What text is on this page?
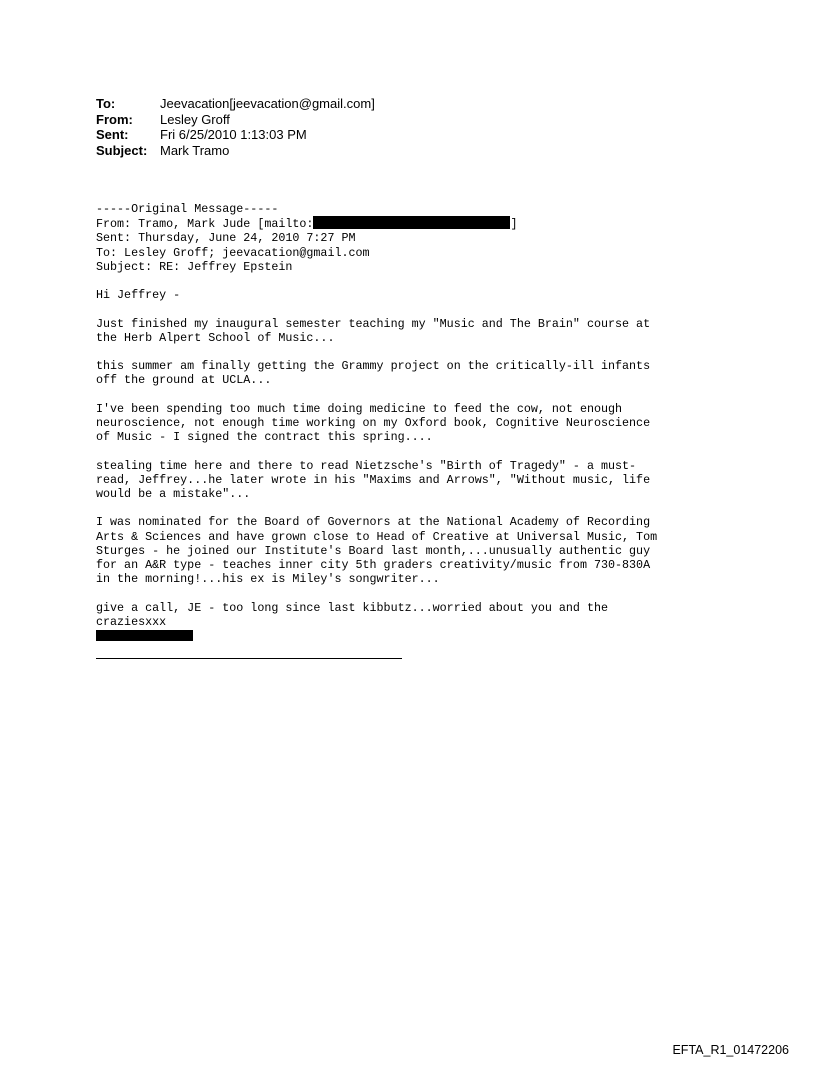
To:	Jeevacation[jeevacation@gmail.com]
From:	Lesley Groff
Sent:	Fri 6/25/2010 1:13:03 PM
Subject: Mark Tramo
-----Original Message-----
From: Tramo, Mark Jude [mailto:	]
Sent: Thursday, June 24, 2010 7:27 PM
To: Lesley Groff; jeevacation@gmail.com
Subject: RE: Jeffrey Epstein
Hi Jeffrey -
Just finished my inaugural semester teaching my "Music and The Brain" course at
the Herb Alpert School of Music...
this summer am finally getting the Grammy project on the critically-ill infants
off the ground at UCLA...
I've been spending too much time doing medicine to feed the cow, not enough
neuroscience, not enough time working on my Oxford book, Cognitive Neuroscience
of Music - I signed the contract this spring....
stealing time here and there to read Nietzsche's "Birth of Tragedy" - a must-
read, Jeffrey...he later wrote in his "Maxims and Arrows", "Without music, life
would be a mistake"...
I was nominated for the Board of Governors at the National Academy of Recording
Arts & Sciences and have grown close to Head of Creative at Universal Music, Tom
Sturges - he joined our Institute's Board last month,...unusually authentic guy
for an A&R type - teaches inner city 5th graders creativity/music from 730-830A
in the morning!...his ex is Miley's songwriter...
give a call, JE - too long since last kibbutz...worried about you and the
craziesxxx
EFTA_R1_01472206
